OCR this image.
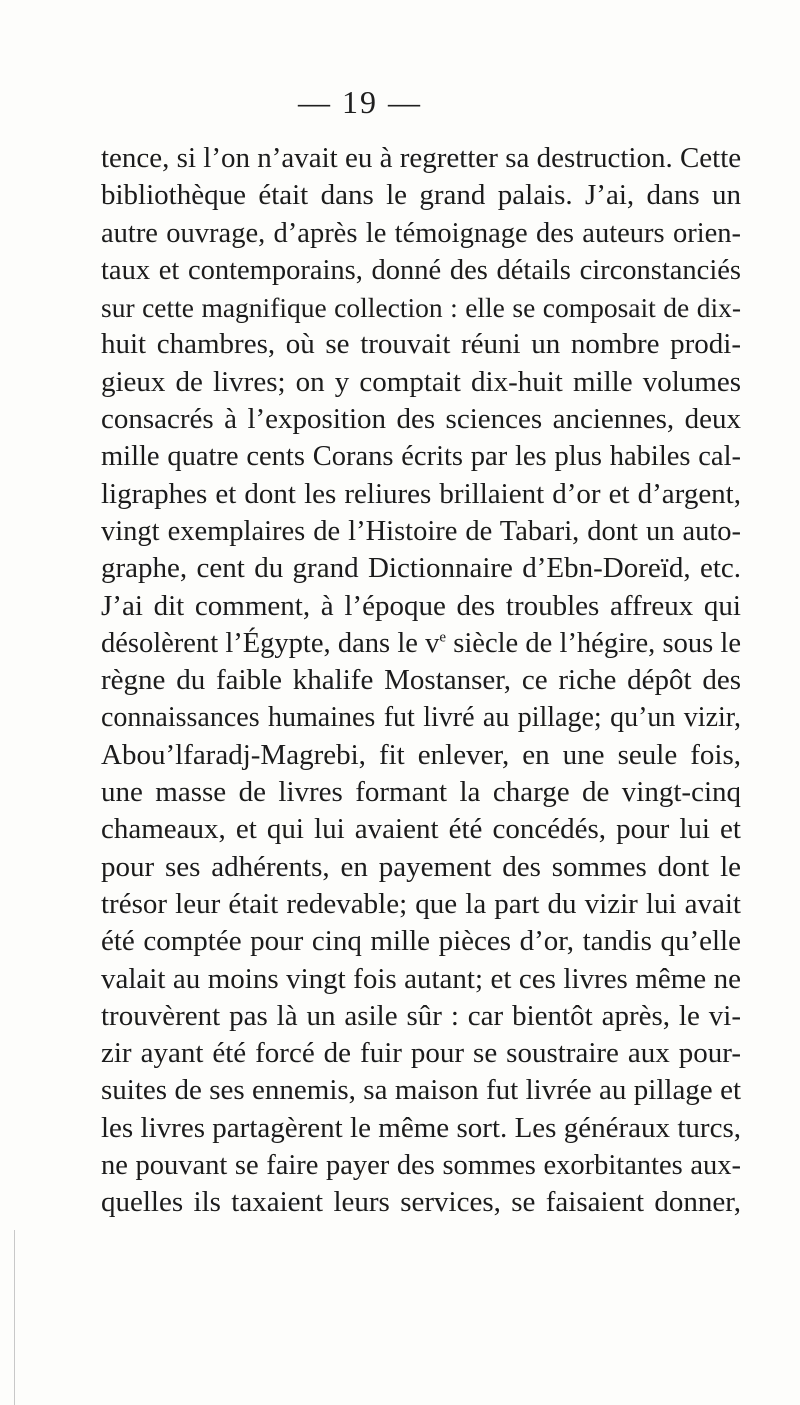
— 19 —
tence, si l’on n’avait eu à regretter sa destruction. Cette
bibliothèque était dans le grand palais. J’ai, dans un
autre ouvrage, d’après le témoignage des auteurs orien-
taux et contemporains, donné des détails circonstanciés
sur cette magnifique collection : elle se composait de dix-
huit chambres, où se trouvait réuni un nombre prodi-
gieux de livres; on y comptait dix-huit mille volumes
consacrés à l’exposition des sciences anciennes, deux
mille quatre cents Corans écrits par les plus habiles cal-
ligraphes et dont les reliures brillaient d’or et d’argent,
vingt exemplaires de l’Histoire de Tabari, dont un auto-
graphe, cent du grand Dictionnaire d’Ebn-Doreïd, etc.
J’ai dit comment, à l’époque des troubles affreux qui
désolèrent l’Égypte, dans le $v^e$ siècle de l’hégire, sous le
règne du faible khalife Mostanser, ce riche dépôt des
connaissances humaines fut livré au pillage; qu’un vizir,
Abou’lfaradj-Magrebi, fit enlever, en une seule fois,
une masse de livres formant la charge de vingt-cinq
chameaux, et qui lui avaient été concédés, pour lui et
pour ses adhérents, en payement des sommes dont le
trésor leur était redevable; que la part du vizir lui avait
été comptée pour cinq mille pièces d’or, tandis qu’elle
valait au moins vingt fois autant; et ces livres même ne
trouvèrent pas là un asile sûr : car bientôt après, le vi-
zir ayant été forcé de fuir pour se soustraire aux pour-
suites de ses ennemis, sa maison fut livrée au pillage et
les livres partagèrent le même sort. Les généraux turcs,
ne pouvant se faire payer des sommes exorbitantes aux-
quelles ils taxaient leurs services, se faisaient donner,
